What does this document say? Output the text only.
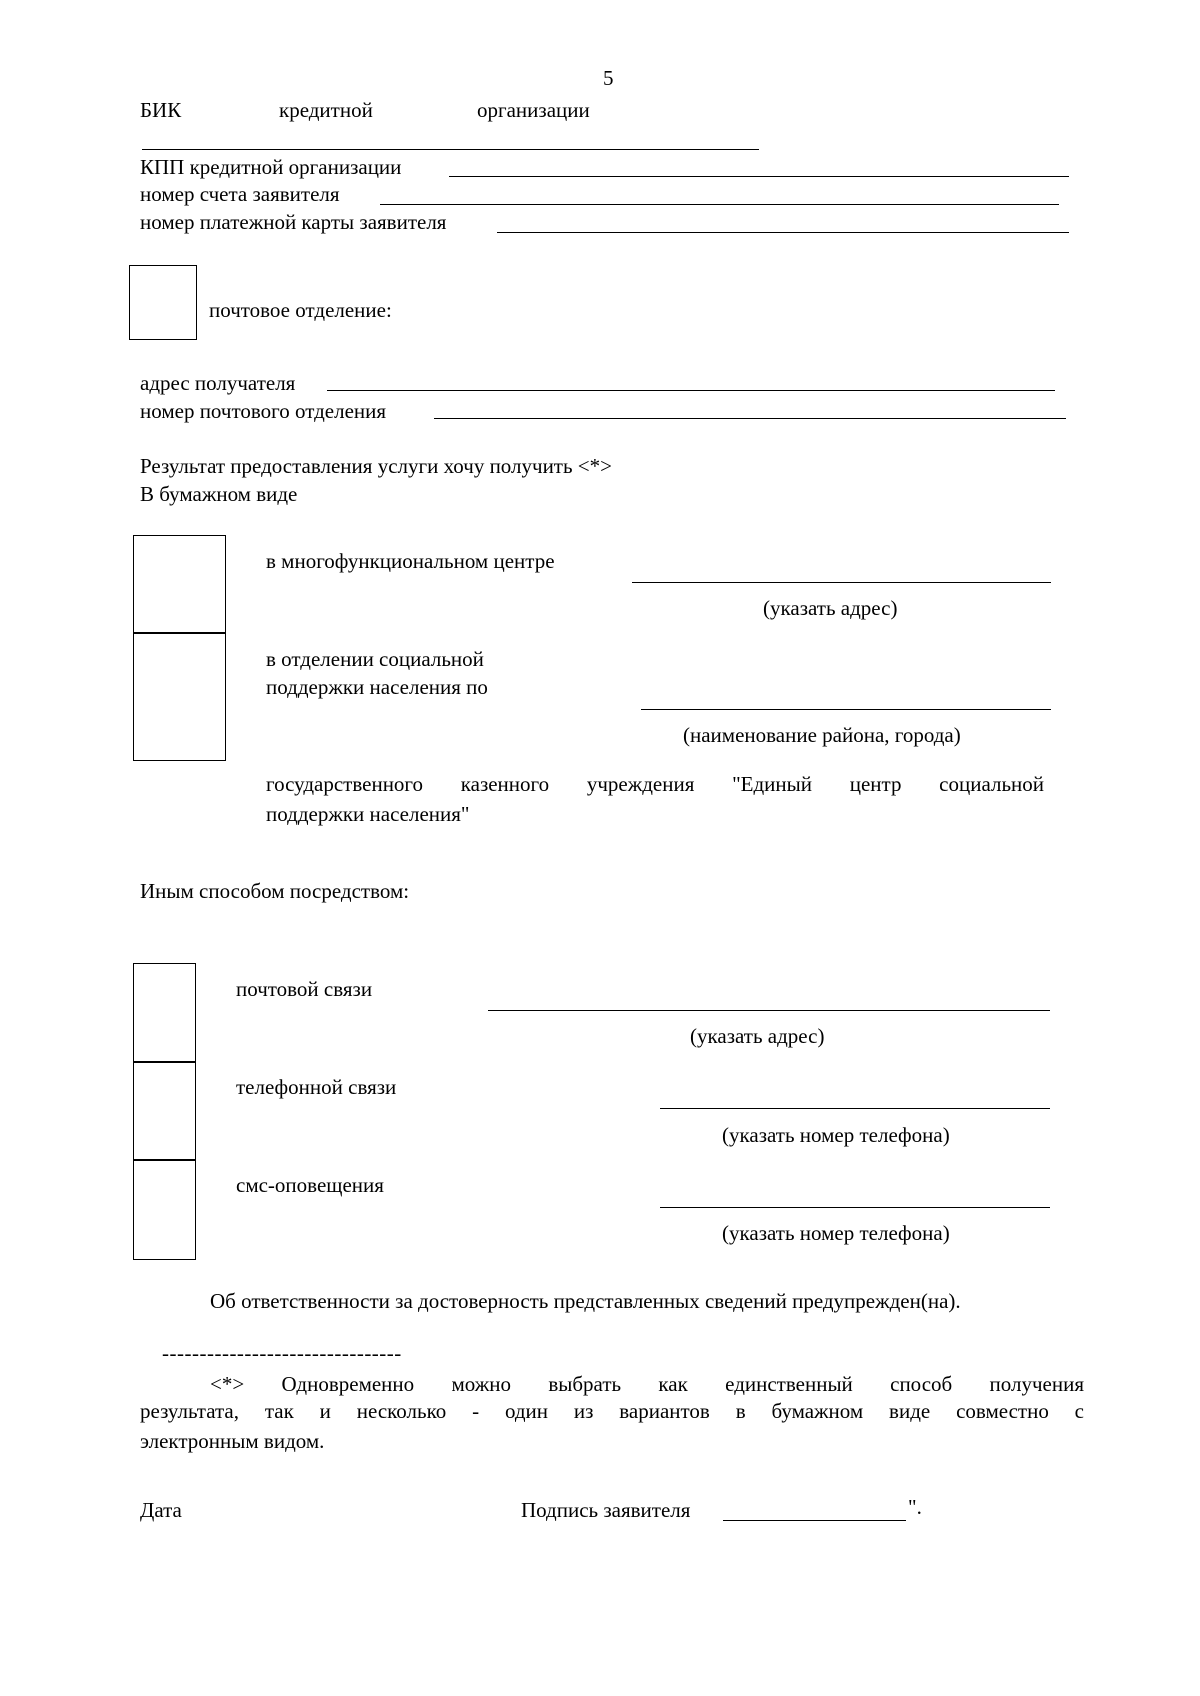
5
БИК	кредитной	организации
КПП кредитной организации
номер счета заявителя
номер платежной карты заявителя
почтовое отделение:
адрес получателя
номер почтового отделения
Результат предоставления услуги хочу получить <*>
В бумажном виде
в многофункциональном центре
(указать адрес)
в отделении социальной
поддержки населения по
(наименование района, города)
государственного казенного учреждения "Единый центр социальной
поддержки населения"
Иным способом посредством:
почтовой связи
(указать адрес)
телефонной связи
(указать номер телефона)
смс-оповещения
(указать номер телефона)
Об ответственности за достоверность представленных сведений предупрежден(на).
--------------------------------
<*> Одновременно можно выбрать как единственный способ получения
результата, так и несколько - один из вариантов в бумажном виде совместно с
электронным видом.
Дата	Подпись заявителя	".
